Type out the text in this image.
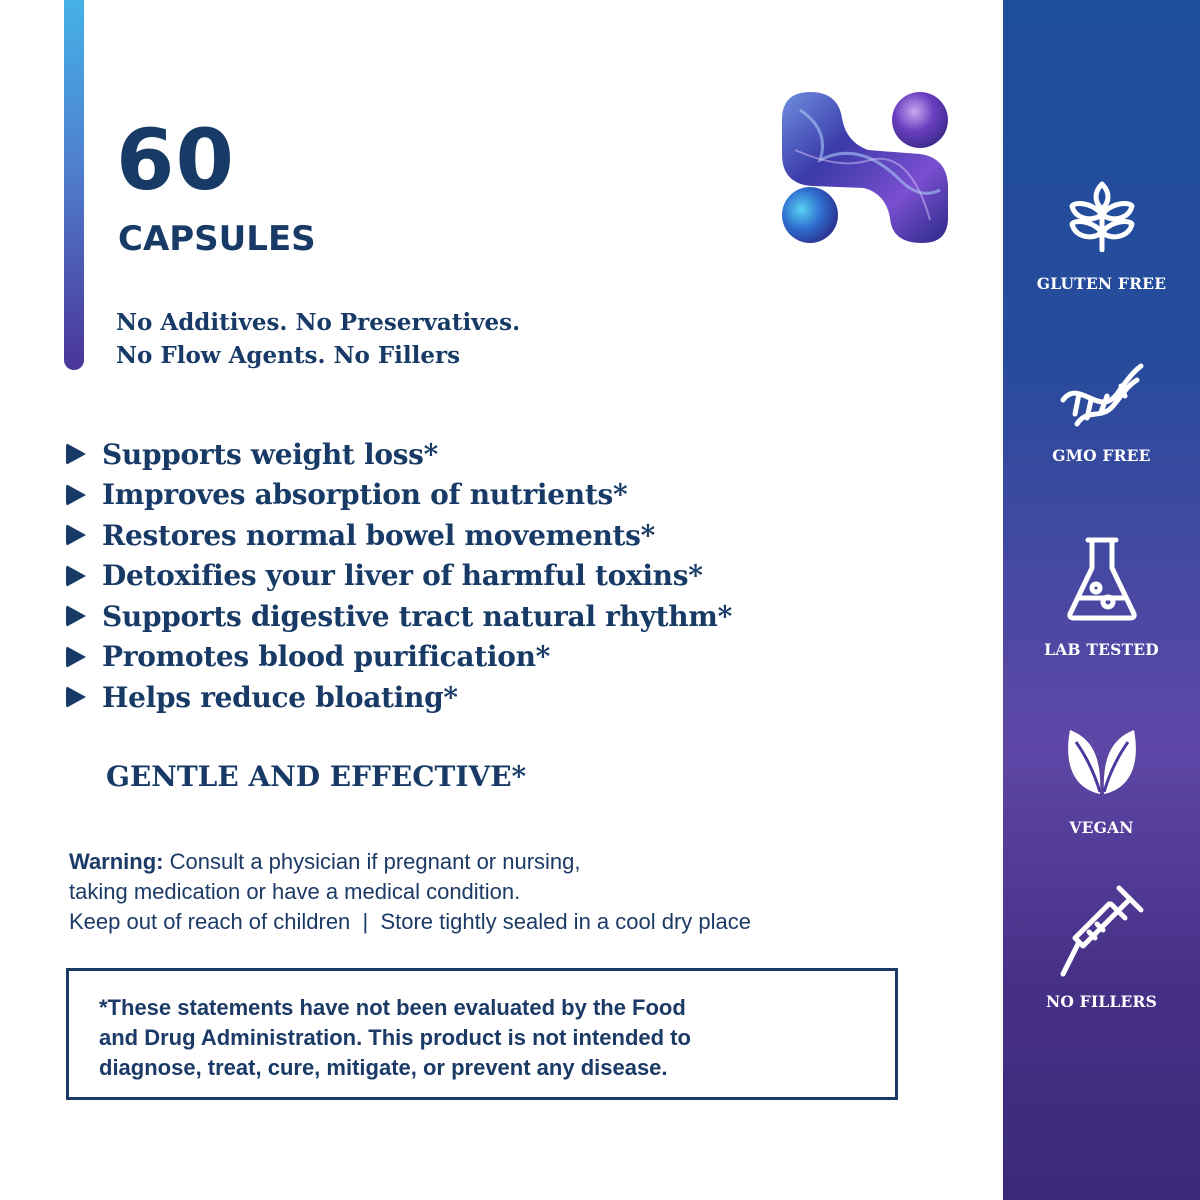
60
CAPSULES
No Additives. No Preservatives.
No Flow Agents. No Fillers
Supports weight loss*
Improves absorption of nutrients*
Restores normal bowel movements*
Detoxifies your liver of harmful toxins*
Supports digestive tract natural rhythm*
Promotes blood purification*
Helps reduce bloating*
GENTLE AND EFFECTIVE*
Warning: Consult a physician if pregnant or nursing,
taking medication or have a medical condition.
Keep out of reach of children  |  Store tightly sealed in a cool dry place
*These statements have not been evaluated by the Food
and Drug Administration. This product is not intended to
diagnose, treat, cure, mitigate, or prevent any disease.
GLUTEN FREE
GMO FREE
LAB TESTED
VEGAN
NO FILLERS
